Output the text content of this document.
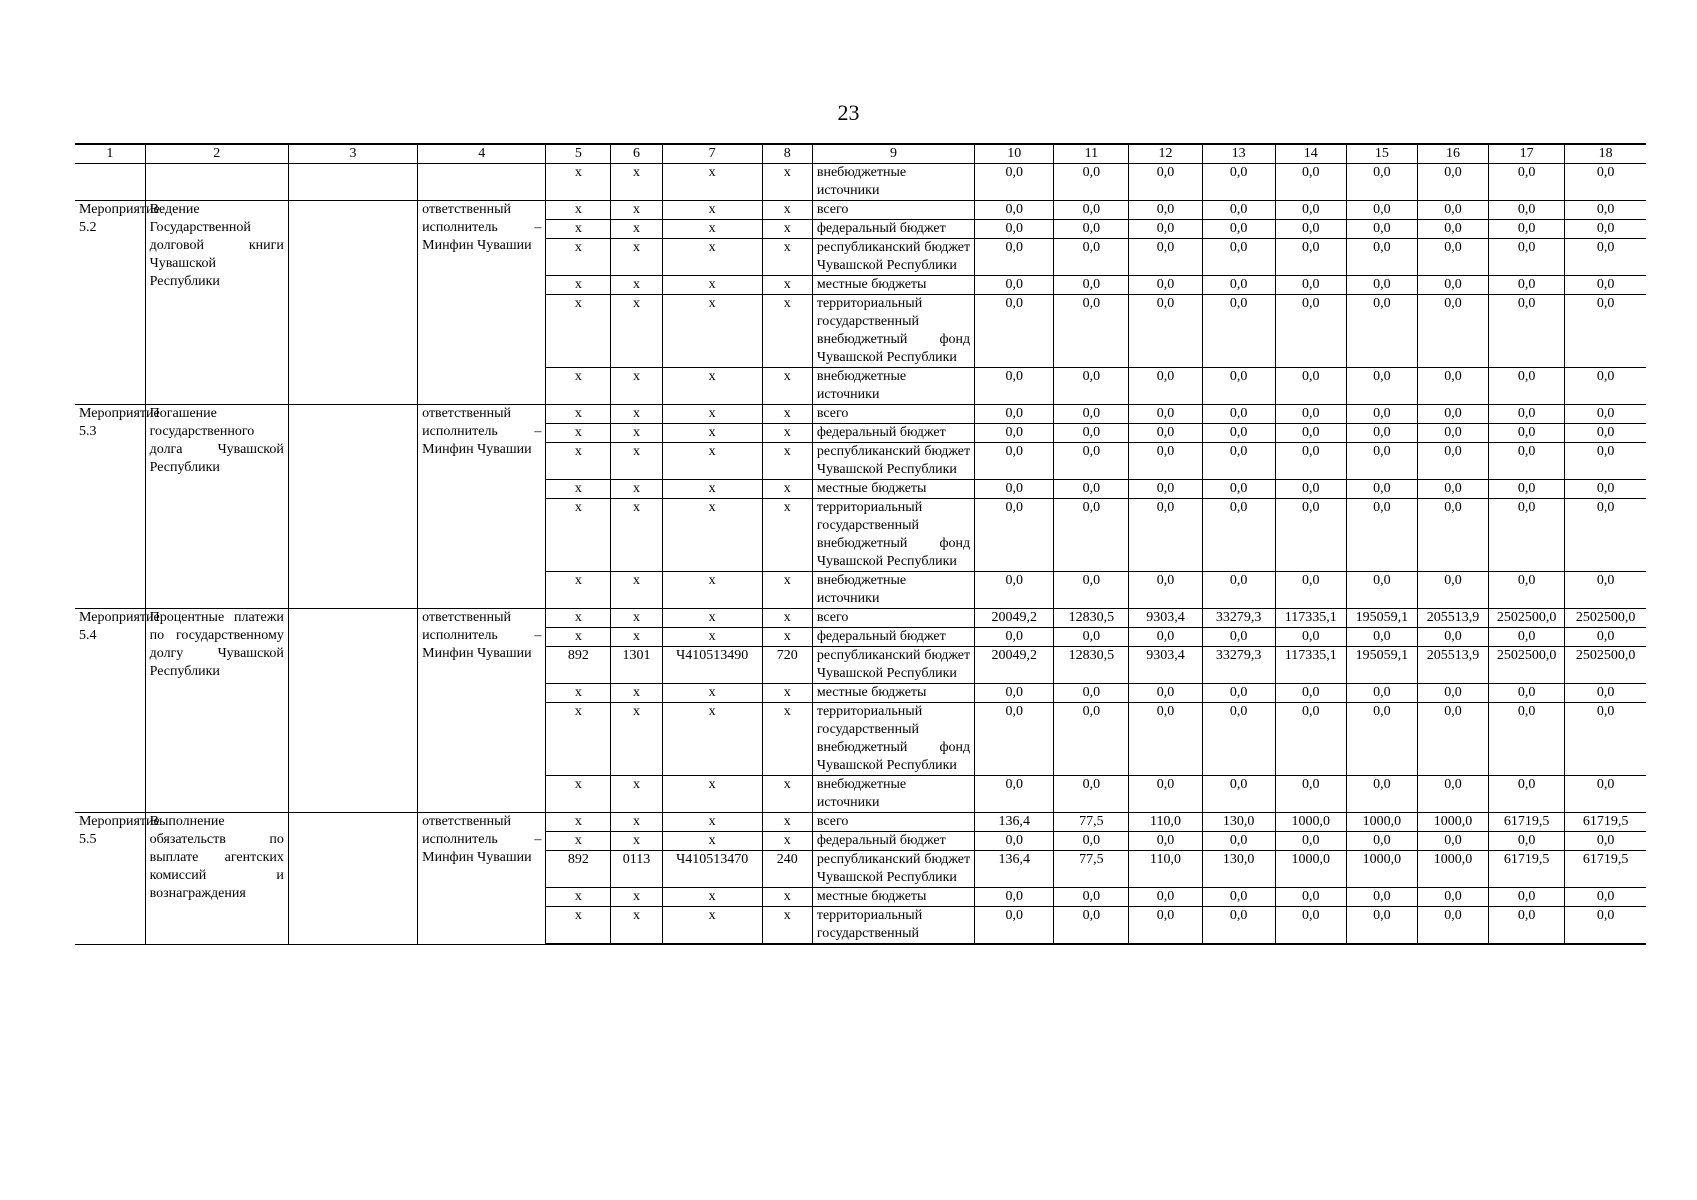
23
1	2	3	4	5	6	7	8	9	10	11	12	13	14	15	16	17	18
				x	x	x	x	внебюджетные источники	0,0	0,0	0,0	0,0	0,0	0,0	0,0	0,0	0,0
Мероприятие 5.2	Ведение Государственной долговой книги Чувашской Республики		ответственный исполнитель – Минфин Чувашии	x	x	x	x	всего	0,0	0,0	0,0	0,0	0,0	0,0	0,0	0,0	0,0
				x	x	x	x	федеральный бюджет	0,0	0,0	0,0	0,0	0,0	0,0	0,0	0,0	0,0
				x	x	x	x	республиканский бюджет Чувашской Республики	0,0	0,0	0,0	0,0	0,0	0,0	0,0	0,0	0,0
				x	x	x	x	местные бюджеты	0,0	0,0	0,0	0,0	0,0	0,0	0,0	0,0	0,0
				x	x	x	x	территориальный государственный внебюджетный фонд Чувашской Республики	0,0	0,0	0,0	0,0	0,0	0,0	0,0	0,0	0,0
				x	x	x	x	внебюджетные источники	0,0	0,0	0,0	0,0	0,0	0,0	0,0	0,0	0,0
Мероприятие 5.3	Погашение государственного долга Чувашской Республики		ответственный исполнитель – Минфин Чувашии	x	x	x	x	всего	0,0	0,0	0,0	0,0	0,0	0,0	0,0	0,0	0,0
				x	x	x	x	федеральный бюджет	0,0	0,0	0,0	0,0	0,0	0,0	0,0	0,0	0,0
				x	x	x	x	республиканский бюджет Чувашской Республики	0,0	0,0	0,0	0,0	0,0	0,0	0,0	0,0	0,0
				x	x	x	x	местные бюджеты	0,0	0,0	0,0	0,0	0,0	0,0	0,0	0,0	0,0
				x	x	x	x	территориальный государственный внебюджетный фонд Чувашской Республики	0,0	0,0	0,0	0,0	0,0	0,0	0,0	0,0	0,0
				x	x	x	x	внебюджетные источники	0,0	0,0	0,0	0,0	0,0	0,0	0,0	0,0	0,0
Мероприятие 5.4	Процентные платежи по государственному долгу Чувашской Республики		ответственный исполнитель – Минфин Чувашии	x	x	x	x	всего	20049,2	12830,5	9303,4	33279,3	117335,1	195059,1	205513,9	2502500,0	2502500,0
				x	x	x	x	федеральный бюджет	0,0	0,0	0,0	0,0	0,0	0,0	0,0	0,0	0,0
				892	1301	Ч410513490	720	республиканский бюджет Чувашской Республики	20049,2	12830,5	9303,4	33279,3	117335,1	195059,1	205513,9	2502500,0	2502500,0
				x	x	x	x	местные бюджеты	0,0	0,0	0,0	0,0	0,0	0,0	0,0	0,0	0,0
				x	x	x	x	территориальный государственный внебюджетный фонд Чувашской Республики	0,0	0,0	0,0	0,0	0,0	0,0	0,0	0,0	0,0
				x	x	x	x	внебюджетные источники	0,0	0,0	0,0	0,0	0,0	0,0	0,0	0,0	0,0
Мероприятие 5.5	Выполнение обязательств по выплате агентских комиссий и вознаграждения		ответственный исполнитель – Минфин Чувашии	x	x	x	x	всего	136,4	77,5	110,0	130,0	1000,0	1000,0	1000,0	61719,5	61719,5
				x	x	x	x	федеральный бюджет	0,0	0,0	0,0	0,0	0,0	0,0	0,0	0,0	0,0
				892	0113	Ч410513470	240	республиканский бюджет Чувашской Республики	136,4	77,5	110,0	130,0	1000,0	1000,0	1000,0	61719,5	61719,5
				x	x	x	x	местные бюджеты	0,0	0,0	0,0	0,0	0,0	0,0	0,0	0,0	0,0
				x	x	x	x	территориальный государственный	0,0	0,0	0,0	0,0	0,0	0,0	0,0	0,0	0,0
